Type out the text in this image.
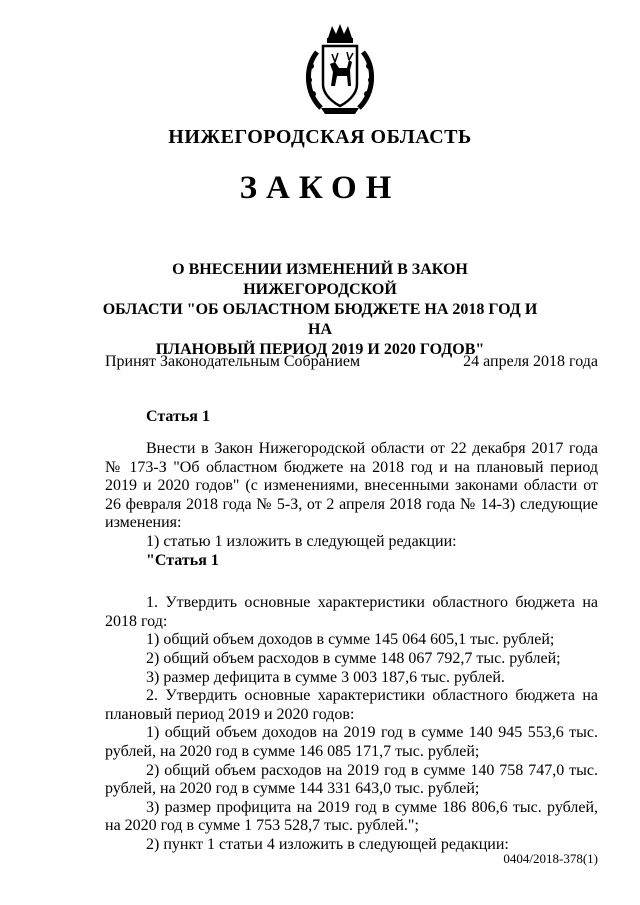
НИЖЕГОРОДСКАЯ ОБЛАСТЬ
ЗАКОН
О ВНЕСЕНИИ ИЗМЕНЕНИЙ В ЗАКОН НИЖЕГОРОДСКОЙ
ОБЛАСТИ "ОБ ОБЛАСТНОМ БЮДЖЕТЕ НА 2018 ГОД И НА
ПЛАНОВЫЙ ПЕРИОД 2019 И 2020 ГОДОВ"
Принят Законодательным Собранием	24 апреля 2018 года
Статья 1

Внести в Закон Нижегородской области от 22 декабря 2017 года № 173-З "Об областном бюджете на 2018 год и на плановый период 2019 и 2020 годов" (с изменениями, внесенными законами области от 26 февраля 2018 года № 5-З, от 2 апреля 2018 года № 14-З) следующие изменения:

1) статью 1 изложить в следующей редакции:

"Статья 1

1. Утвердить основные характеристики областного бюджета на 2018 год:

1) общий объем доходов в сумме 145 064 605,1 тыс. рублей;

2) общий объем расходов в сумме 148 067 792,7 тыс. рублей;

3) размер дефицита в сумме 3 003 187,6 тыс. рублей.

2. Утвердить основные характеристики областного бюджета на плановый период 2019 и 2020 годов:

1) общий объем доходов на 2019 год в сумме 140 945 553,6 тыс. рублей, на 2020 год в сумме 146 085 171,7 тыс. рублей;

2) общий объем расходов на 2019 год в сумме 140 758 747,0 тыс. рублей, на 2020 год в сумме 144 331 643,0 тыс. рублей;

3) размер профицита на 2019 год в сумме 186 806,6 тыс. рублей, на 2020 год в сумме 1 753 528,7 тыс. рублей.";

2) пункт 1 статьи 4 изложить в следующей редакции:

0404/2018-378(1)
